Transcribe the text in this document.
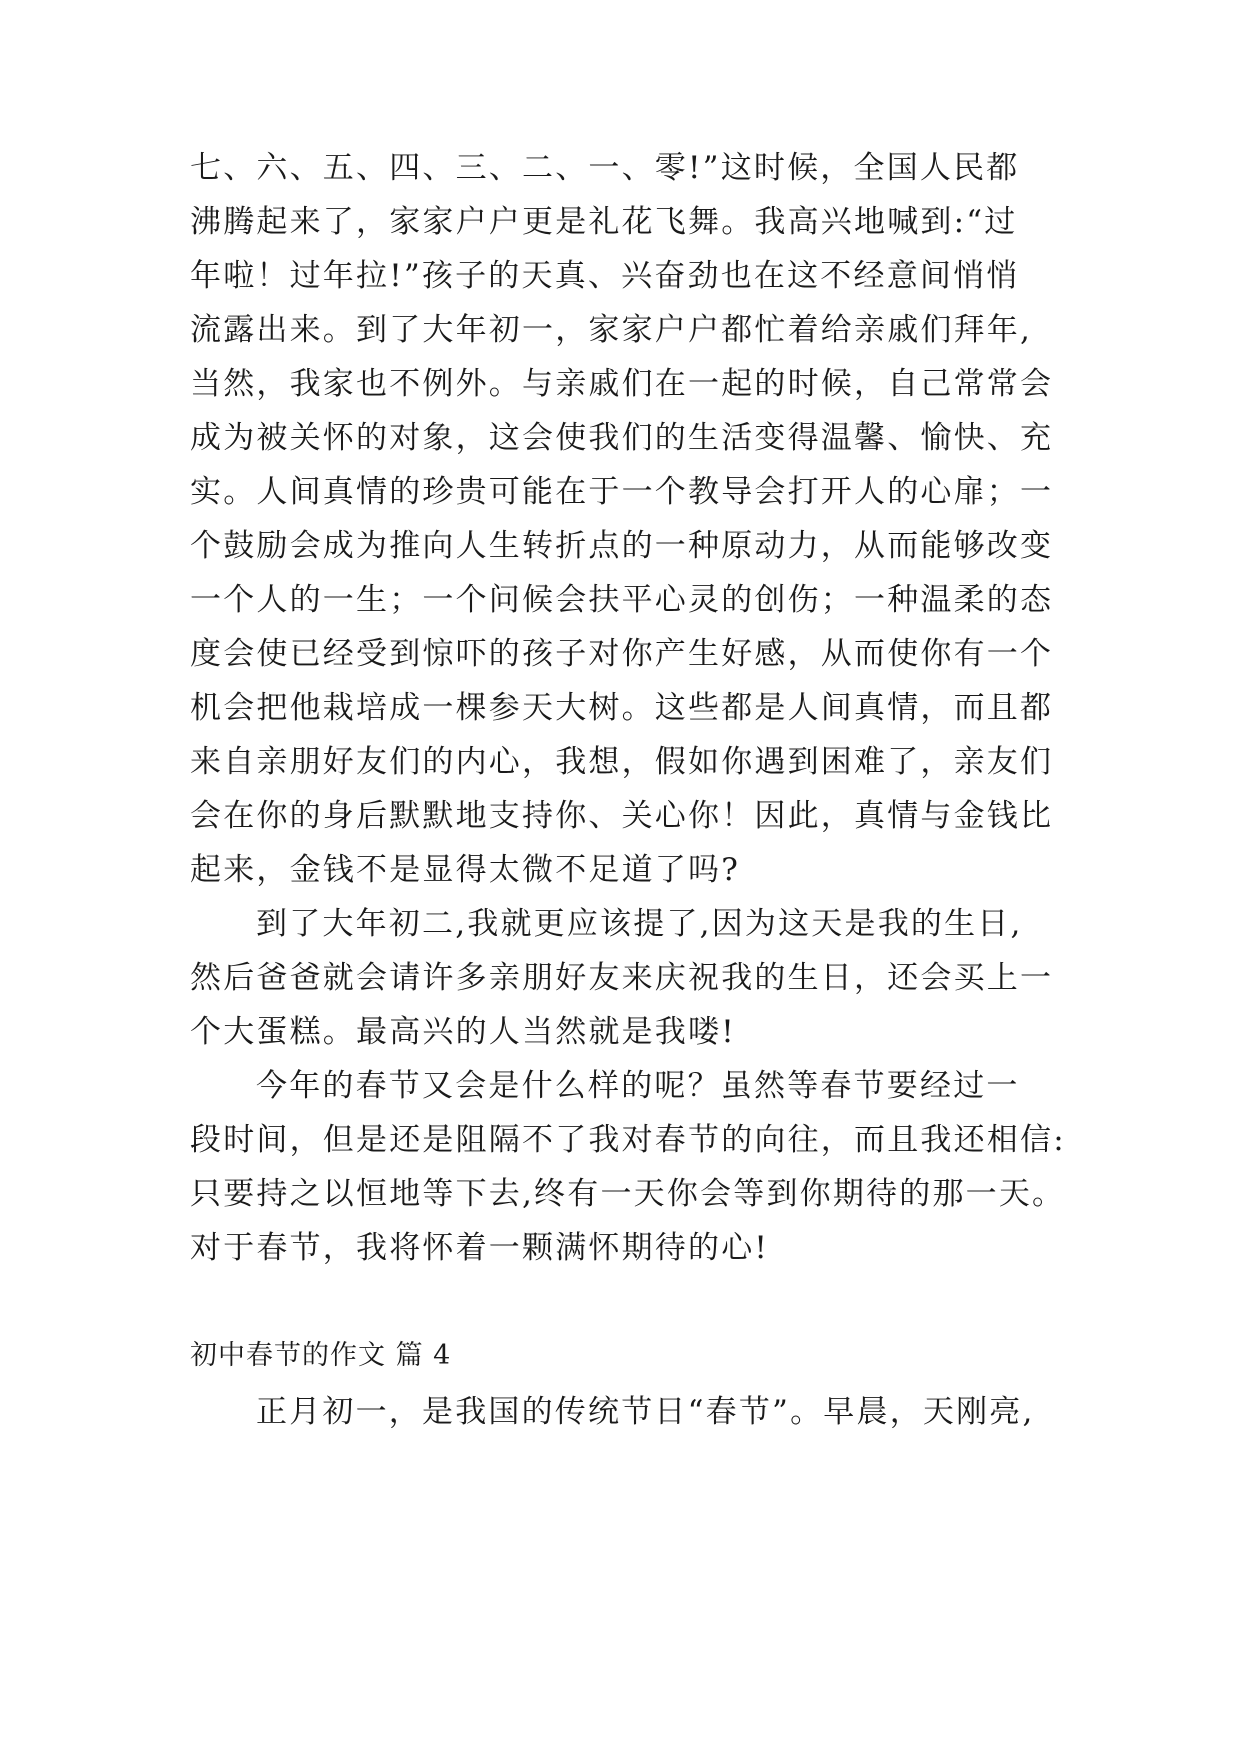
七、六、五、四、三、二、一、零!”这时候，全国人民都
沸腾起来了，家家户户更是礼花飞舞。我高兴地喊到:“过
年啦！过年拉!”孩子的天真、兴奋劲也在这不经意间悄悄
流露出来。到了大年初一，家家户户都忙着给亲戚们拜年,
当然，我家也不例外。与亲戚们在一起的时候，自己常常会
成为被关怀的对象，这会使我们的生活变得温馨、愉快、充
实。人间真情的珍贵可能在于一个教导会打开人的心扉；一
个鼓励会成为推向人生转折点的一种原动力，从而能够改变
一个人的一生；一个问候会扶平心灵的创伤；一种温柔的态
度会使已经受到惊吓的孩子对你产生好感，从而使你有一个
机会把他栽培成一棵参天大树。这些都是人间真情，而且都
来自亲朋好友们的内心，我想，假如你遇到困难了，亲友们
会在你的身后默默地支持你、关心你！因此，真情与金钱比
起来，金钱不是显得太微不足道了吗?
到了大年初二,我就更应该提了,因为这天是我的生日,
然后爸爸就会请许多亲朋好友来庆祝我的生日，还会买上一
个大蛋糕。最高兴的人当然就是我喽!
今年的春节又会是什么样的呢？虽然等春节要经过一
段时间，但是还是阻隔不了我对春节的向往，而且我还相信:
只要持之以恒地等下去,终有一天你会等到你期待的那一天。
对于春节，我将怀着一颗满怀期待的心!
初中春节的作文 篇 4
正月初一，是我国的传统节日“春节”。早晨，天刚亮,
